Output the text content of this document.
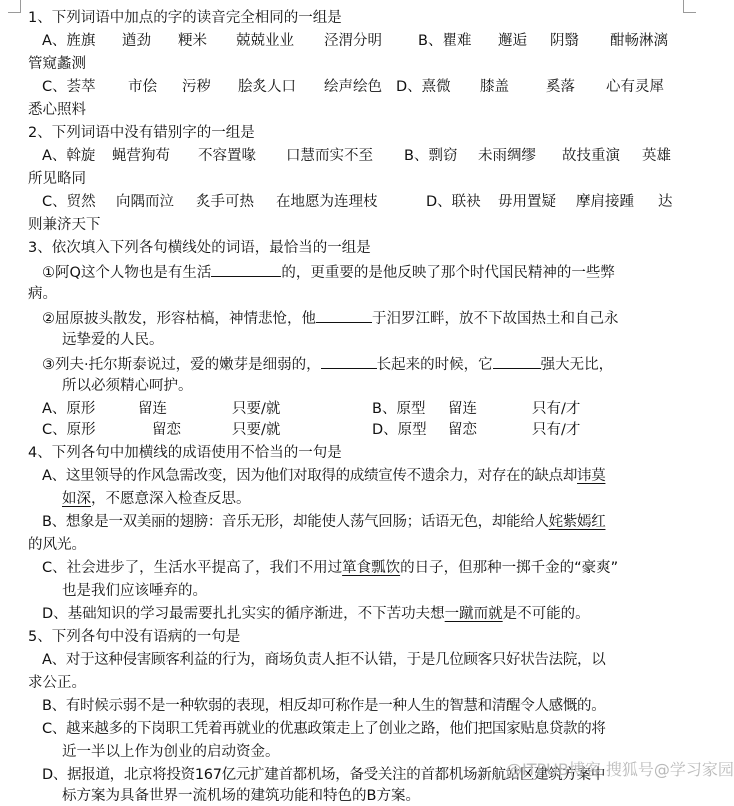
1、下列词语中加点的字的读音完全相同的一组是
A、旌旗 遒劲 粳米 兢兢业业 泾渭分明 B、瞿难 邂逅 阴翳 酣畅淋漓
管窥蠡测
C、荟萃 市侩 污秽 脍炙人口 绘声绘色 D、熹微 膝盖	奚落 心有灵犀
悉心照料
2、下列词语中没有错别字的一组是
A、斡旋 蝇营狗苟 不容置喙 口慧而实不至 B、剽窃 未雨绸缪 故技重演 英雄
所见略同
C、贸然 向隅而泣 炙手可热 在地愿为连理枝	D、联袂 毋用置疑 摩肩接踵 达
则兼济天下
3、依次填入下列各句横线处的词语，最恰当的一组是
①阿Q这个人物也是有生活	的，更重要的是他反映了那个时代国民精神的一些弊
病。
②屈原披头散发，形容枯槁，神情悲怆，他	于汨罗江畔，放不下故国热土和自己永
远挚爱的人民。
③列夫·托尔斯泰说过，爱的嫩芽是细弱的，	长起来的时候，它	强大无比，
所以必须精心呵护。
A、原形	留连	只要/就	B、原型 留连	只有/才
C、原形	留恋	只要/就	D、原型 留恋	只有/才
4、下列各句中加横线的成语使用不恰当的一句是
A、这里领导的作风急需改变，因为他们对取得的成绩宣传不遗余力，对存在的缺点却讳莫
如深，不愿意深入检查反思。
B、想象是一双美丽的翅膀：音乐无形，却能使人荡气回肠；话语无色，却能给人姹紫嫣红
的风光。
C、社会进步了，生活水平提高了，我们不用过箪食瓢饮的日子，但那种一掷千金的“豪爽”
也是我们应该唾弃的。
D、基础知识的学习最需要扎扎实实的循序渐进，不下苦功夫想一蹴而就是不可能的。
5、下列各句中没有语病的一句是
A、对于这种侵害顾客利益的行为，商场负责人拒不认错，于是几位顾客只好状告法院，以
求公正。
B、有时候示弱不是一种软弱的表现，相反却可称作是一种人生的智慧和清醒令人感慨的。
C、越来越多的下岗职工凭着再就业的优惠政策走上了创业之路，他们把国家贴息贷款的将
近一半以上作为创业的启动资金。
D、据报道，北京将投资167亿元扩建首都机场，备受关注的首都机场新航站区建筑方案中
标方案为具备世界一流机场的建筑功能和特色的B方案。
@ITPUB博客 搜狐号@学习家园
